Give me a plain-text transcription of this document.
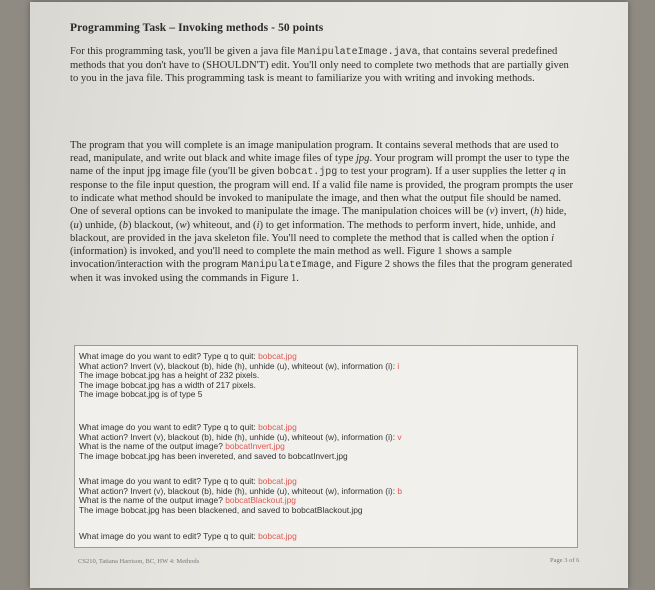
Programming Task – Invoking methods - 50 points

For this programming task, you'll be given a java file ManipulateImage.java, that contains several predefined methods that you don't have to (SHOULDN'T) edit. You'll only need to complete two methods that are partially given to you in the java file. This programming task is meant to familiarize you with writing and invoking methods.

The program that you will complete is an image manipulation program. It contains several methods that are used to read, manipulate, and write out black and white image files of type jpg. Your program will prompt the user to type the name of the input jpg image file (you'll be given bobcat.jpg to test your program). If a user supplies the letter q in response to the file input question, the program will end. If a valid file name is provided, the program prompts the user to indicate what method should be invoked to manipulate the image, and then what the output file should be named. One of several options can be invoked to manipulate the image. The manipulation choices will be (v) invert, (h) hide, (u) unhide, (b) blackout, (w) whiteout, and (i) to get information. The methods to perform invert, hide, unhide, and blackout, are provided in the java skeleton file. You'll need to complete the method that is called when the option i (information) is invoked, and you'll need to complete the main method as well. Figure 1 shows a sample invocation/interaction with the program ManipulateImage, and Figure 2 shows the files that the program generated when it was invoked using the commands in Figure 1.

What image do you want to edit? Type q to quit: bobcat.jpg
What action? Invert (v), blackout (b), hide (h), unhide (u), whiteout (w), information (i): i
The image bobcat.jpg has a height of 232 pixels.
The image bobcat.jpg has a width of 217 pixels.
The image bobcat.jpg is of type 5
What image do you want to edit? Type q to quit: bobcat.jpg
What action? Invert (v), blackout (b), hide (h), unhide (u), whiteout (w), information (i): v
What is the name of the output image? bobcatInvert.jpg
The image bobcat.jpg has been invereted, and saved to bobcatInvert.jpg
What image do you want to edit? Type q to quit: bobcat.jpg
What action? Invert (v), blackout (b), hide (h), unhide (u), whiteout (w), information (i): b
What is the name of the output image? bobcatBlackout.jpg
The image bobcat.jpg has been blackened, and saved to bobcatBlackout.jpg
What image do you want to edit? Type q to quit: bobcat.jpg
CS210, Tatiana Harrison, BC, HW 4: Methods	Page 3 of 6
